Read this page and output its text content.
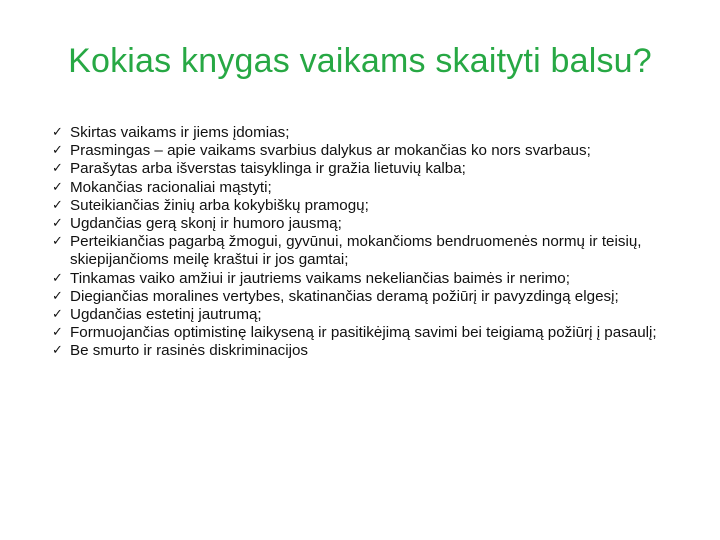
Kokias knygas vaikams skaityti balsu?
✓ Skirtas vaikams ir jiems įdomias;
✓ Prasmingas – apie vaikams svarbius dalykus ar mokančias ko nors svarbaus;
✓ Parašytas arba išverstas taisyklinga ir gražia lietuvių kalba;
✓ Mokančias racionaliai mąstyti;
✓ Suteikiančias žinių arba kokybiškų pramogų;
✓ Ugdančias gerą skonį ir humoro jausmą;
✓ Perteikiančias pagarbą žmogui, gyvūnui, mokančioms bendruomenės normų ir teisių, skiepijančioms meilę kraštui ir jos gamtai;
✓ Tinkamas vaiko amžiui ir jautriems vaikams nekeliančias baimės ir nerimo;
✓ Diegiančias moralines vertybes, skatinančias deramą požiūrį ir pavyzdingą elgesį;
✓ Ugdančias estetinį jautrumą;
✓ Formuojančias optimistinę laikyseną ir pasitikėjimą savimi bei teigiamą požiūrį į pasaulį;
✓ Be smurto ir rasinės diskriminacijos
